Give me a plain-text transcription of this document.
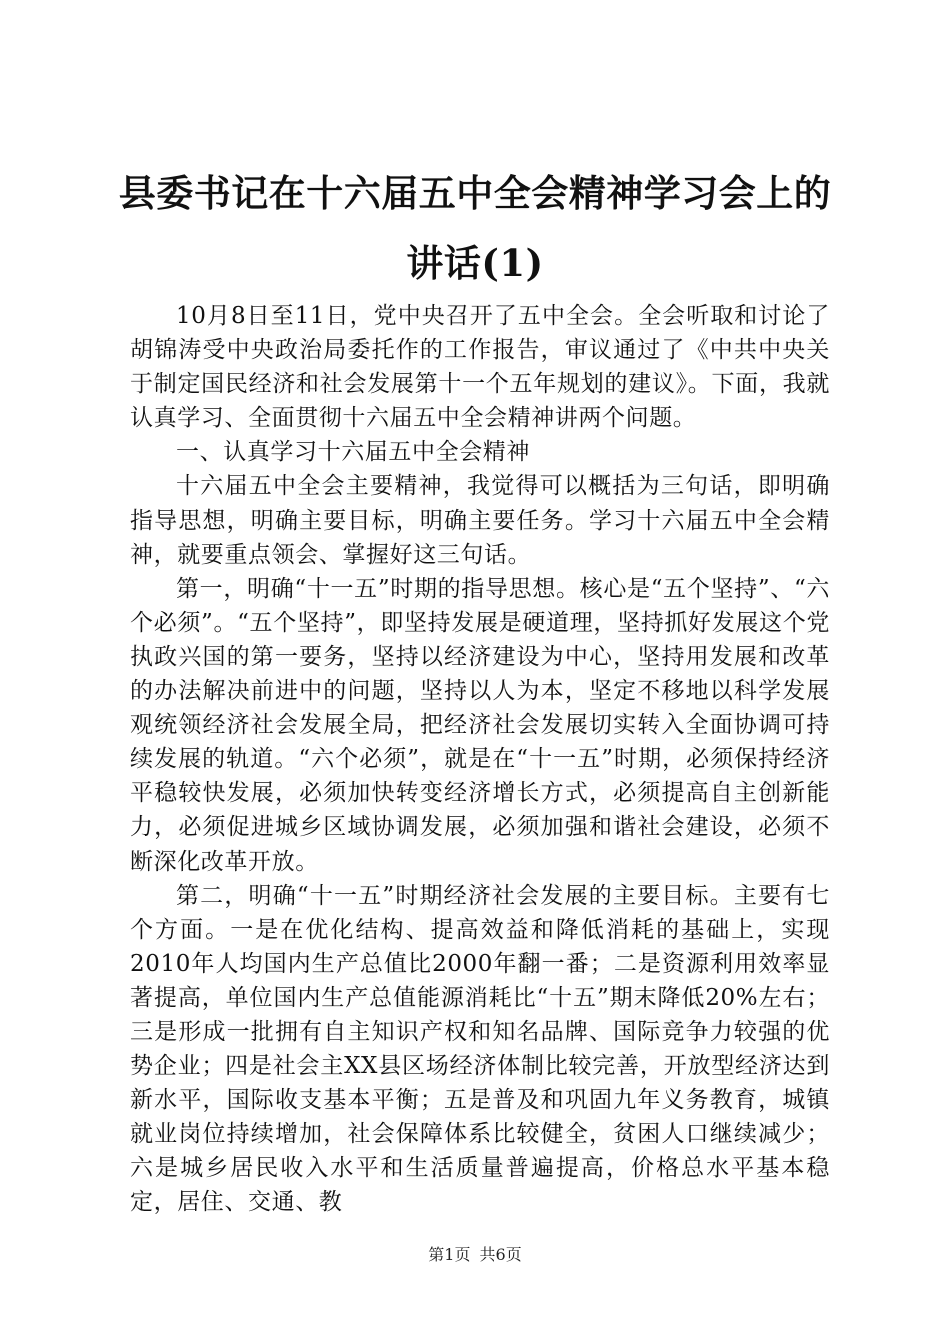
县委书记在十六届五中全会精神学习会上的讲话(1)

10月8日至11日，党中央召开了五中全会。全会听取和讨论了胡锦涛受中央政治局委托作的工作报告，审议通过了《中共中央关于制定国民经济和社会发展第十一个五年规划的建议》。下面，我就认真学习、全面贯彻十六届五中全会精神讲两个问题。

一、认真学习十六届五中全会精神

十六届五中全会主要精神，我觉得可以概括为三句话，即明确指导思想，明确主要目标，明确主要任务。学习十六届五中全会精神，就要重点领会、掌握好这三句话。

第一，明确“十一五”时期的指导思想。核心是“五个坚持”、“六个必须”。“五个坚持”，即坚持发展是硬道理，坚持抓好发展这个党执政兴国的第一要务，坚持以经济建设为中心，坚持用发展和改革的办法解决前进中的问题，坚持以人为本，坚定不移地以科学发展观统领经济社会发展全局，把经济社会发展切实转入全面协调可持续发展的轨道。“六个必须”，就是在“十一五”时期，必须保持经济平稳较快发展，必须加快转变经济增长方式，必须提高自主创新能力，必须促进城乡区域协调发展，必须加强和谐社会建设，必须不断深化改革开放。

第二，明确“十一五”时期经济社会发展的主要目标。主要有七个方面。一是在优化结构、提高效益和降低消耗的基础上，实现2010年人均国内生产总值比2000年翻一番；二是资源利用效率显著提高，单位国内生产总值能源消耗比“十五”期末降低20%左右；三是形成一批拥有自主知识产权和知名品牌、国际竞争力较强的优势企业；四是社会主XX县区场经济体制比较完善，开放型经济达到新水平，国际收支基本平衡；五是普及和巩固九年义务教育，城镇就业岗位持续增加，社会保障体系比较健全，贫困人口继续减少；六是城乡居民收入水平和生活质量普遍提高，价格总水平基本稳定，居住、交通、教

第1页 共6页
